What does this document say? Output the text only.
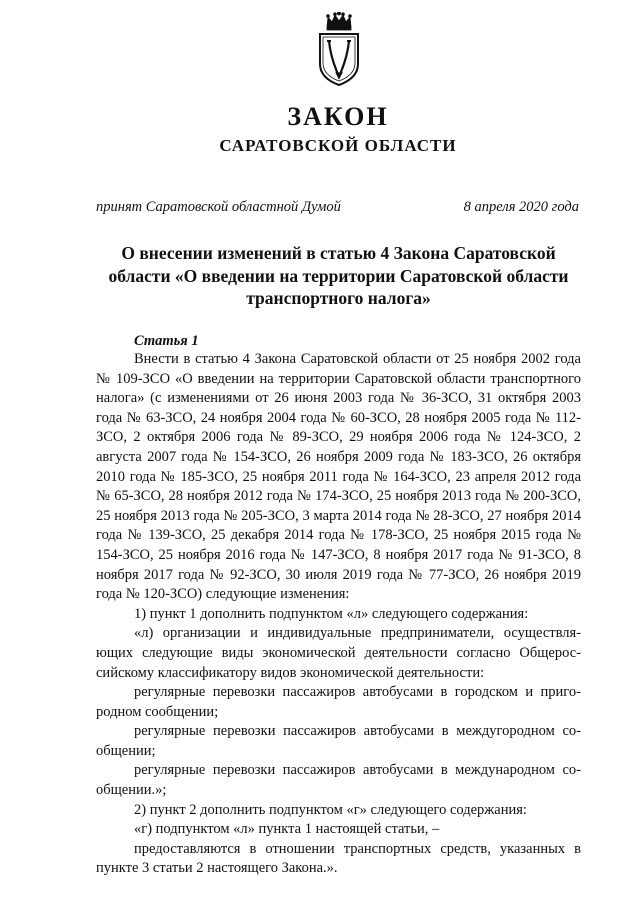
ЗАКОН
САРАТОВСКОЙ ОБЛАСТИ
принят Саратовской областной Думой	8 апреля 2020 года
О внесении изменений в статью 4 Закона Саратовской области «О введении на территории Саратовской области транспортного налога»
Статья 1

Внести в статью 4 Закона Саратовской области от 25 ноября 2002 года № 109-ЗСО «О введении на территории Саратовской области транспортного налога» (с изменениями от 26 июня 2003 года № 36-ЗСО, 31 октября 2003 года № 63-ЗСО, 24 ноября 2004 года № 60-ЗСО, 28 ноября 2005 года № 112-ЗСО, 2 октября 2006 года № 89-ЗСО, 29 ноября 2006 года № 124-ЗСО, 2 августа 2007 года № 154-ЗСО, 26 ноября 2009 года № 183-ЗСО, 26 октября 2010 года № 185-ЗСО, 25 ноября 2011 года № 164-ЗСО, 23 апреля 2012 года № 65-ЗСО, 28 ноября 2012 года № 174-ЗСО, 25 ноября 2013 года № 200-ЗСО, 25 ноября 2013 года № 205-ЗСО, 3 марта 2014 года № 28-ЗСО, 27 ноября 2014 года № 139-ЗСО, 25 декабря 2014 года № 178-ЗСО, 25 ноября 2015 года № 154-ЗСО, 25 ноября 2016 года № 147-ЗСО, 8 ноября 2017 года № 91-ЗСО, 8 ноября 2017 года № 92-ЗСО, 30 июля 2019 года № 77-ЗСО, 26 ноября 2019 года № 120-ЗСО) следующие изменения:

1) пункт 1 дополнить подпунктом «л» следующего содержания:

«л) организации и индивидуальные предприниматели, осуществляющих следующие виды экономической деятельности согласно Общероссийскому классификатору видов экономической деятельности:

регулярные перевозки пассажиров автобусами в городском и пригородном сообщении;

регулярные перевозки пассажиров автобусами в междугородном сообщении;

регулярные перевозки пассажиров автобусами в международном сообщении.»;

2) пункт 2 дополнить подпунктом «г» следующего содержания:

«г) подпунктом «л» пункта 1 настоящей статьи, –

предоставляются в отношении транспортных средств, указанных в пункте 3 статьи 2 настоящего Закона.».
